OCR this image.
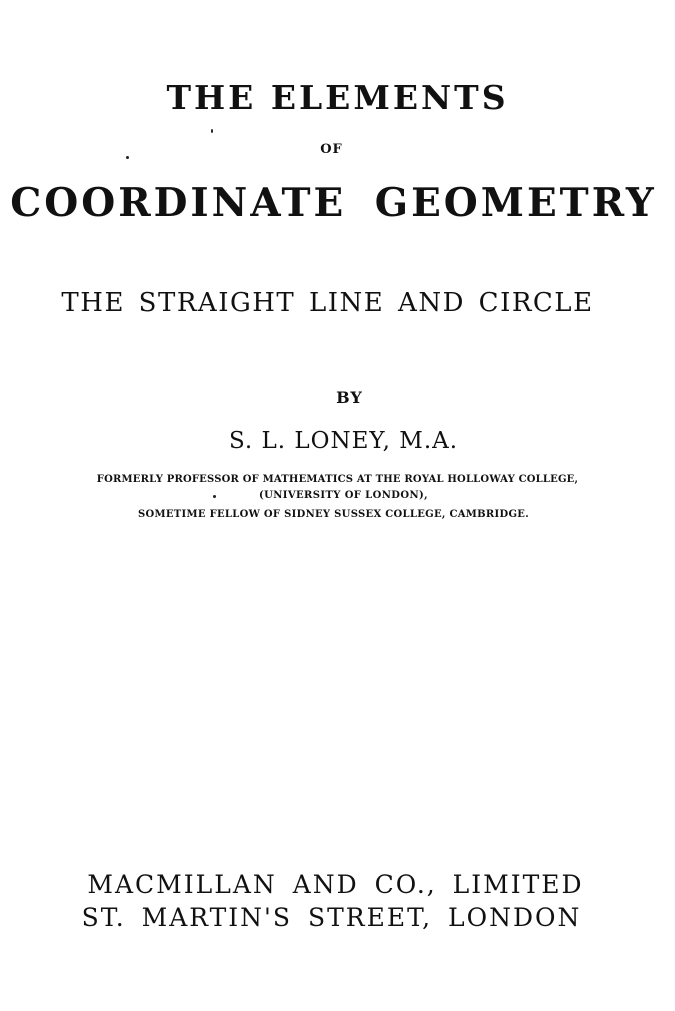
THE ELEMENTS
OF
COORDINATE GEOMETRY
THE STRAIGHT LINE AND CIRCLE
BY
S. L. LONEY, M.A.
FORMERLY PROFESSOR OF MATHEMATICS AT THE ROYAL HOLLOWAY COLLEGE,
(UNIVERSITY OF LONDON),
SOMETIME FELLOW OF SIDNEY SUSSEX COLLEGE, CAMBRIDGE.
MACMILLAN AND CO., LIMITED
ST. MARTIN'S STREET, LONDON
